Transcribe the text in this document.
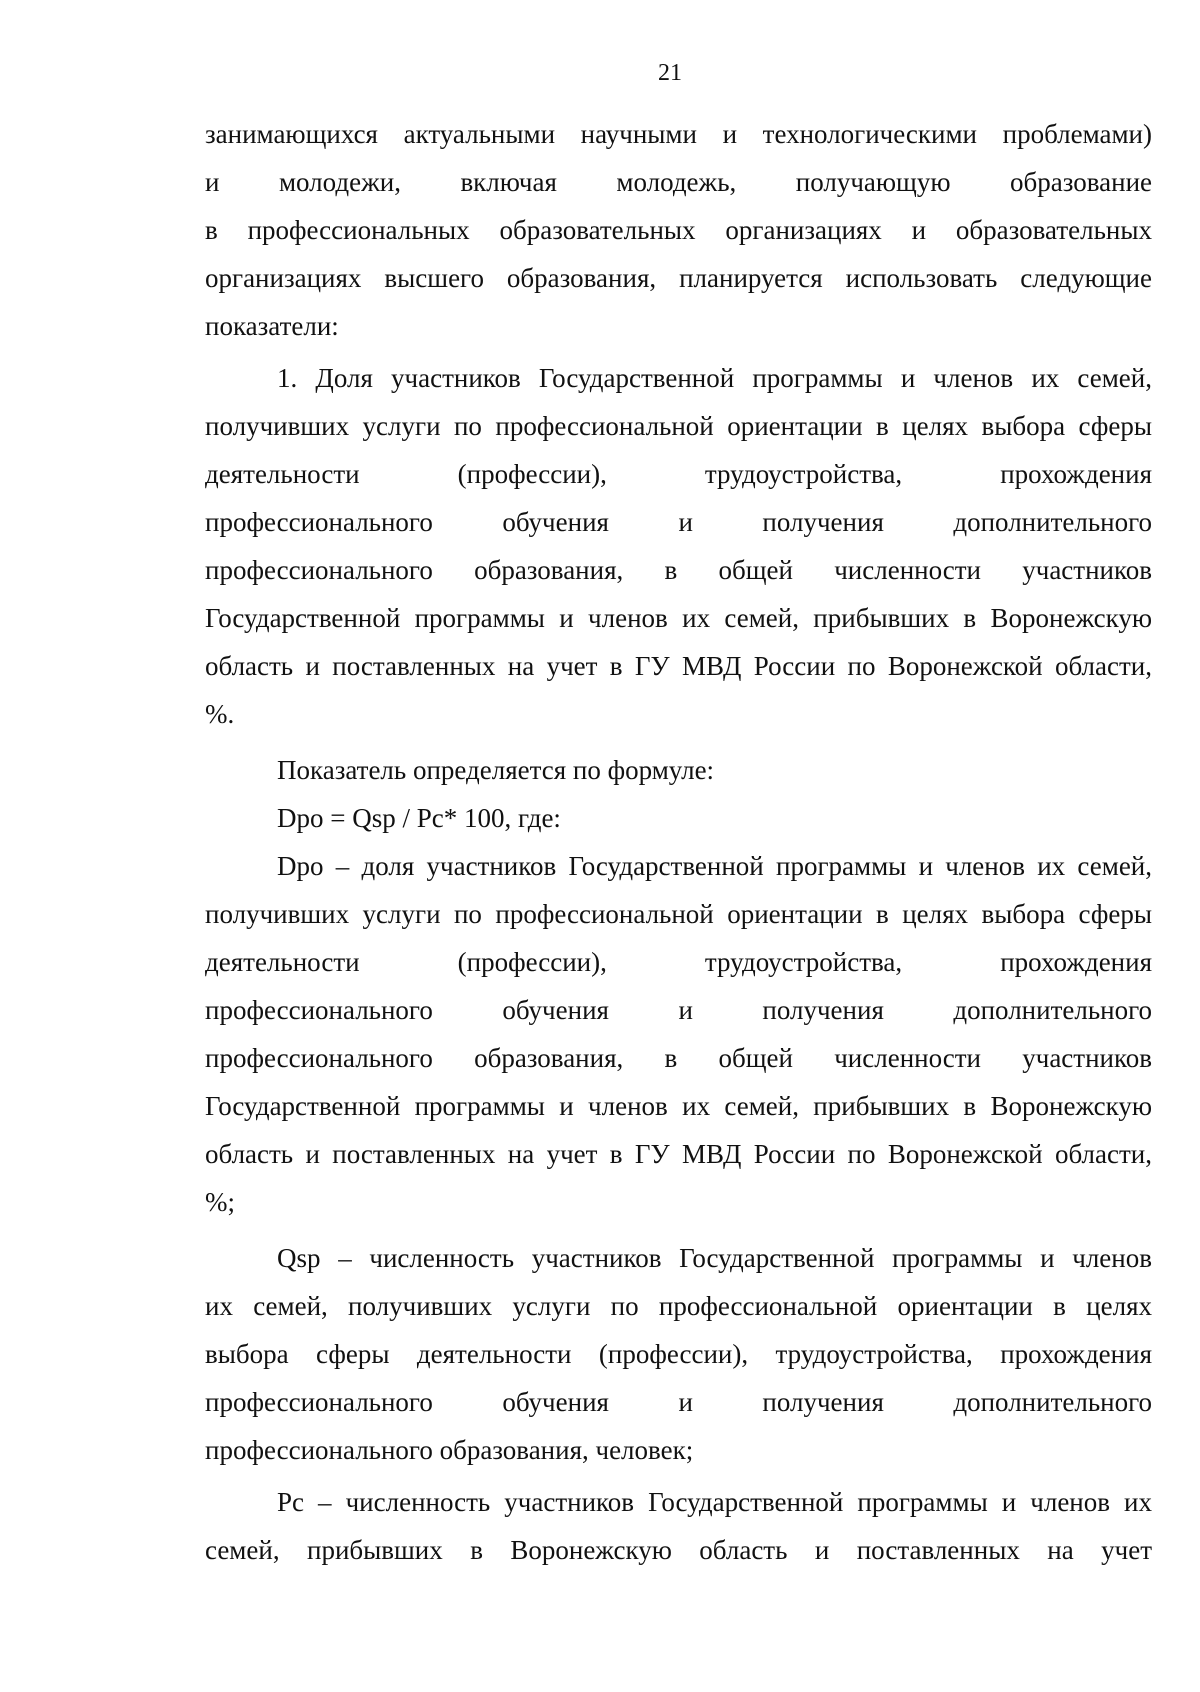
21
занимающихся актуальными научными и технологическими проблемами)
и молодежи, включая молодежь, получающую образование
в профессиональных образовательных организациях и образовательных
организациях высшего образования, планируется использовать следующие
показатели:
1. Доля участников Государственной программы и членов их семей,
получивших услуги по профессиональной ориентации в целях выбора сферы
деятельности (профессии), трудоустройства, прохождения
профессионального обучения и получения дополнительного
профессионального образования, в общей численности участников
Государственной программы и членов их семей, прибывших в Воронежскую
область и поставленных на учет в ГУ МВД России по Воронежской области,
%.
Показатель определяется по формуле:
Dpo = Qsp / Pc* 100, где:
Dpo – доля участников Государственной программы и членов их семей,
получивших услуги по профессиональной ориентации в целях выбора сферы
деятельности (профессии), трудоустройства, прохождения
профессионального обучения и получения дополнительного
профессионального образования, в общей численности участников
Государственной программы и членов их семей, прибывших в Воронежскую
область и поставленных на учет в ГУ МВД России по Воронежской области,
%;
Qsp – численность участников Государственной программы и членов
их семей, получивших услуги по профессиональной ориентации в целях
выбора сферы деятельности (профессии), трудоустройства, прохождения
профессионального обучения и получения дополнительного
профессионального образования, человек;
Pc – численность участников Государственной программы и членов их
семей, прибывших в Воронежскую область и поставленных на учет
